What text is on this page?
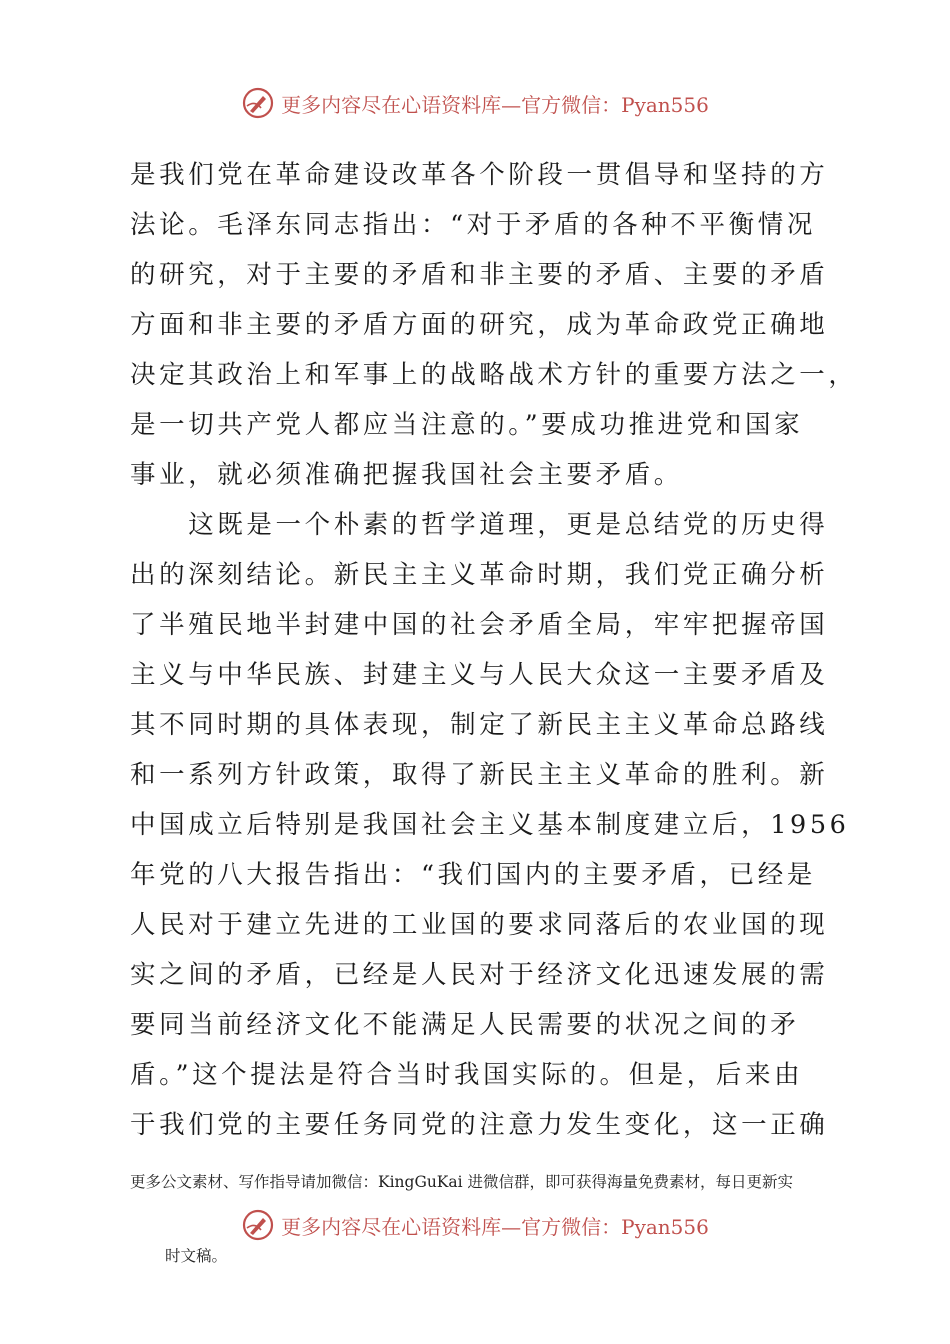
更多内容尽在心语资料库—官方微信：Pyan556
是我们党在革命建设改革各个阶段一贯倡导和坚持的方
法论。毛泽东同志指出：“对于矛盾的各种不平衡情况
的研究，对于主要的矛盾和非主要的矛盾、主要的矛盾
方面和非主要的矛盾方面的研究，成为革命政党正确地
决定其政治上和军事上的战略战术方针的重要方法之一，
是一切共产党人都应当注意的。”要成功推进党和国家
事业，就必须准确把握我国社会主要矛盾。
　　这既是一个朴素的哲学道理，更是总结党的历史得
出的深刻结论。新民主主义革命时期，我们党正确分析
了半殖民地半封建中国的社会矛盾全局，牢牢把握帝国
主义与中华民族、封建主义与人民大众这一主要矛盾及
其不同时期的具体表现，制定了新民主主义革命总路线
和一系列方针政策，取得了新民主主义革命的胜利。新
中国成立后特别是我国社会主义基本制度建立后，1956
年党的八大报告指出：“我们国内的主要矛盾，已经是
人民对于建立先进的工业国的要求同落后的农业国的现
实之间的矛盾，已经是人民对于经济文化迅速发展的需
要同当前经济文化不能满足人民需要的状况之间的矛
盾。”这个提法是符合当时我国实际的。但是，后来由
于我们党的主要任务同党的注意力发生变化，这一正确
更多公文素材、写作指导请加微信：KingGuKai 进微信群，即可获得海量免费素材，每日更新实
更多内容尽在心语资料库—官方微信：Pyan556
时文稿。
